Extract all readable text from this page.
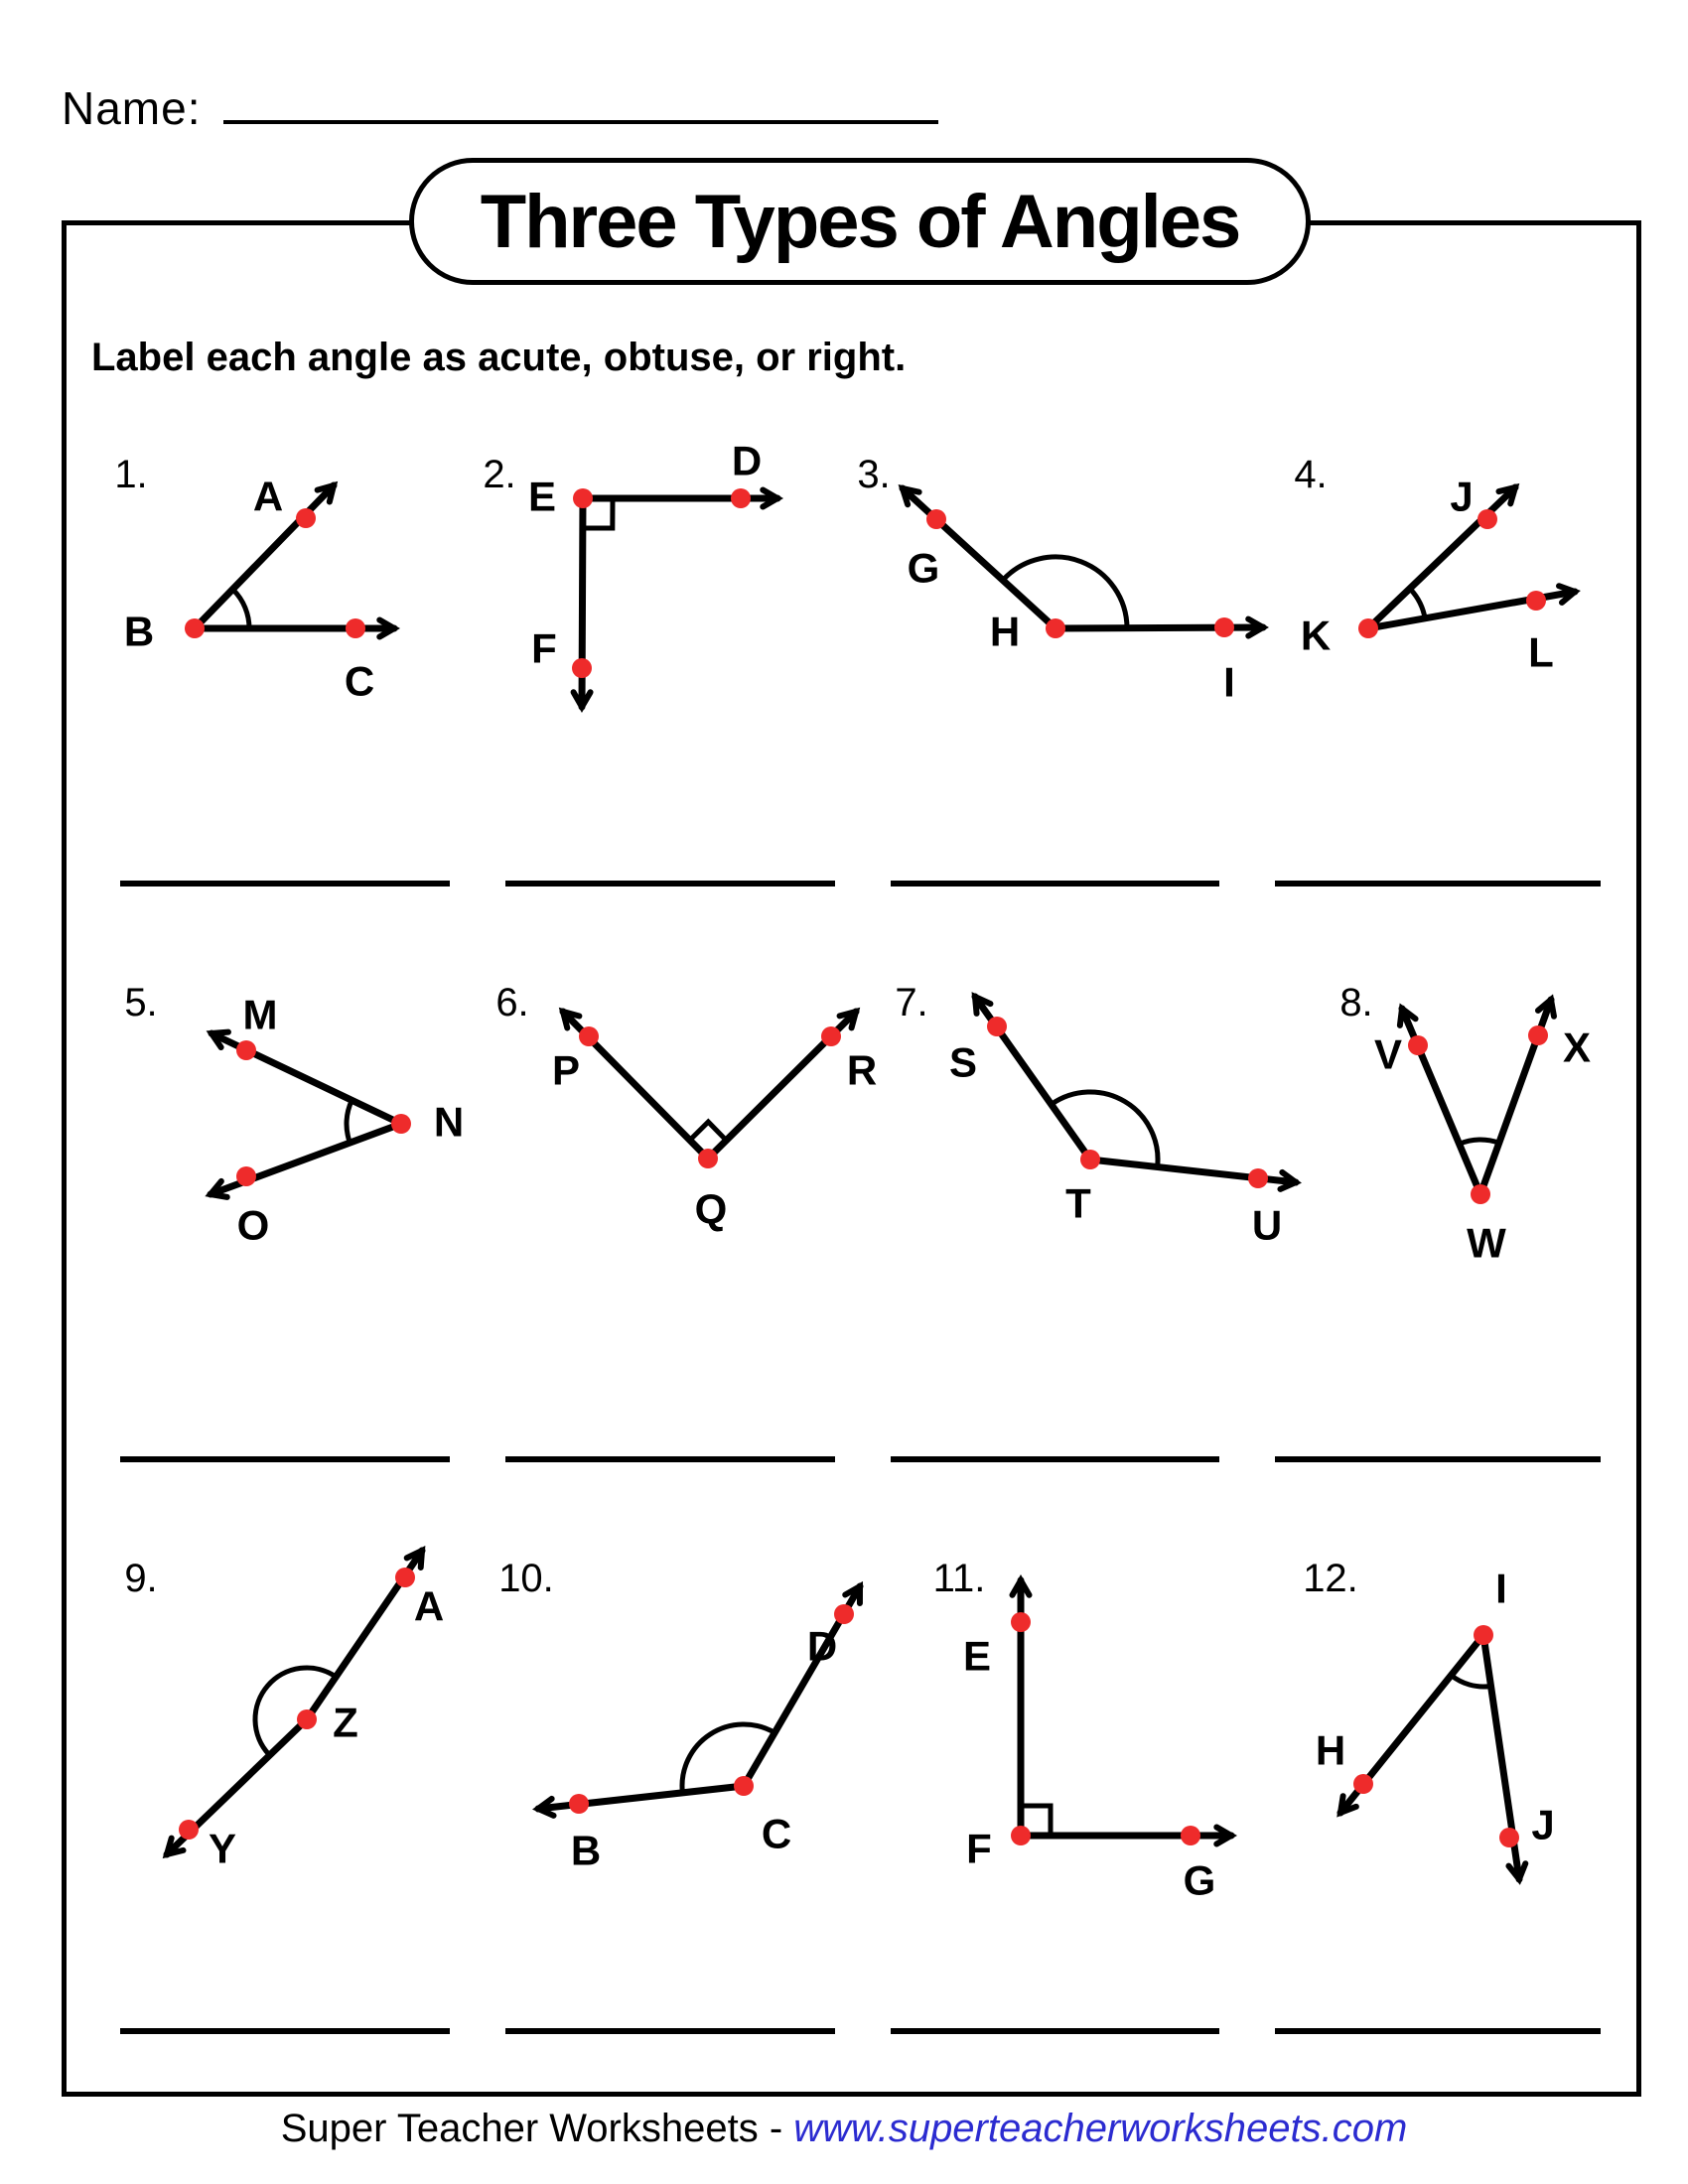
Name:
Three Types of Angles
Label each angle as acute, obtuse, or right.
1.
B
A
C
2. E
D
F
3.
H
G
I
4.
K
J
L
5.
N
M
O
6.
Q
P	R
7.
T
S
U
8.
W
V	X
9.
Z
A
Y
10.
C
B
D
11.
F
E
G
12.	I
H
J
Super Teacher Worksheets - www.superteacherworksheets.com
